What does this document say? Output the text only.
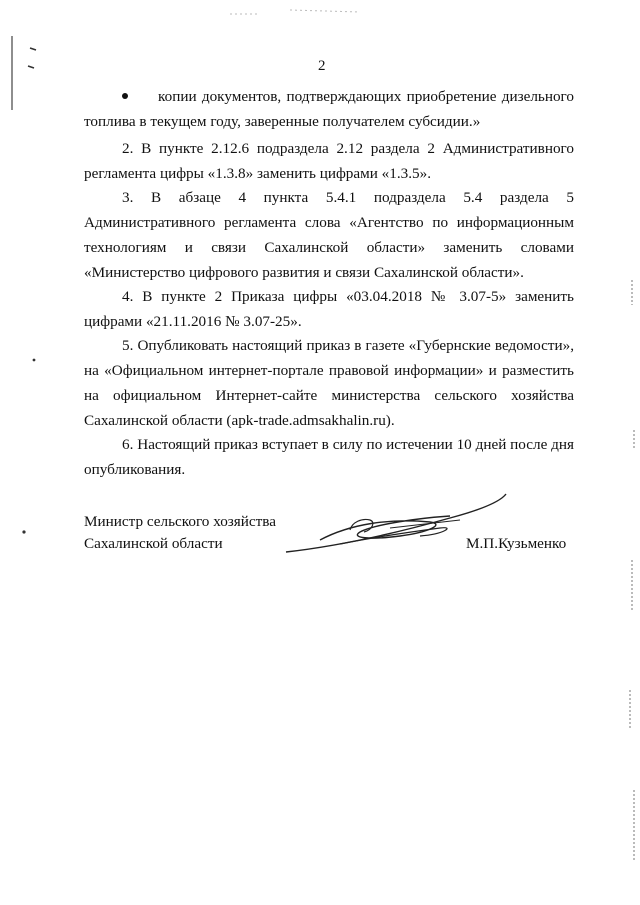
2

копии документов, подтверждающих приобретение дизельного топлива в текущем году, заверенные получателем субсидии.»

2. В пункте 2.12.6 подраздела 2.12 раздела 2 Административного регламента цифры «1.3.8» заменить цифрами «1.3.5».

3. В абзаце 4 пункта 5.4.1 подраздела 5.4 раздела 5 Административного регламента слова «Агентство по информационным технологиям и связи Сахалинской области» заменить словами «Министерство цифрового развития и связи Сахалинской области».

4. В пункте 2 Приказа цифры «03.04.2018 № 3.07-5» заменить цифрами «21.11.2016 № 3.07-25».

5. Опубликовать настоящий приказ в газете «Губернские ведомости», на «Официальном интернет-портале правовой информации» и разместить на официальном Интернет-сайте министерства сельского хозяйства Сахалинской области (apk-trade.admsakhalin.ru).

6. Настоящий приказ вступает в силу по истечении 10 дней после дня опубликования.

Министр сельского хозяйства
Сахалинской области	М.П.Кузьменко
